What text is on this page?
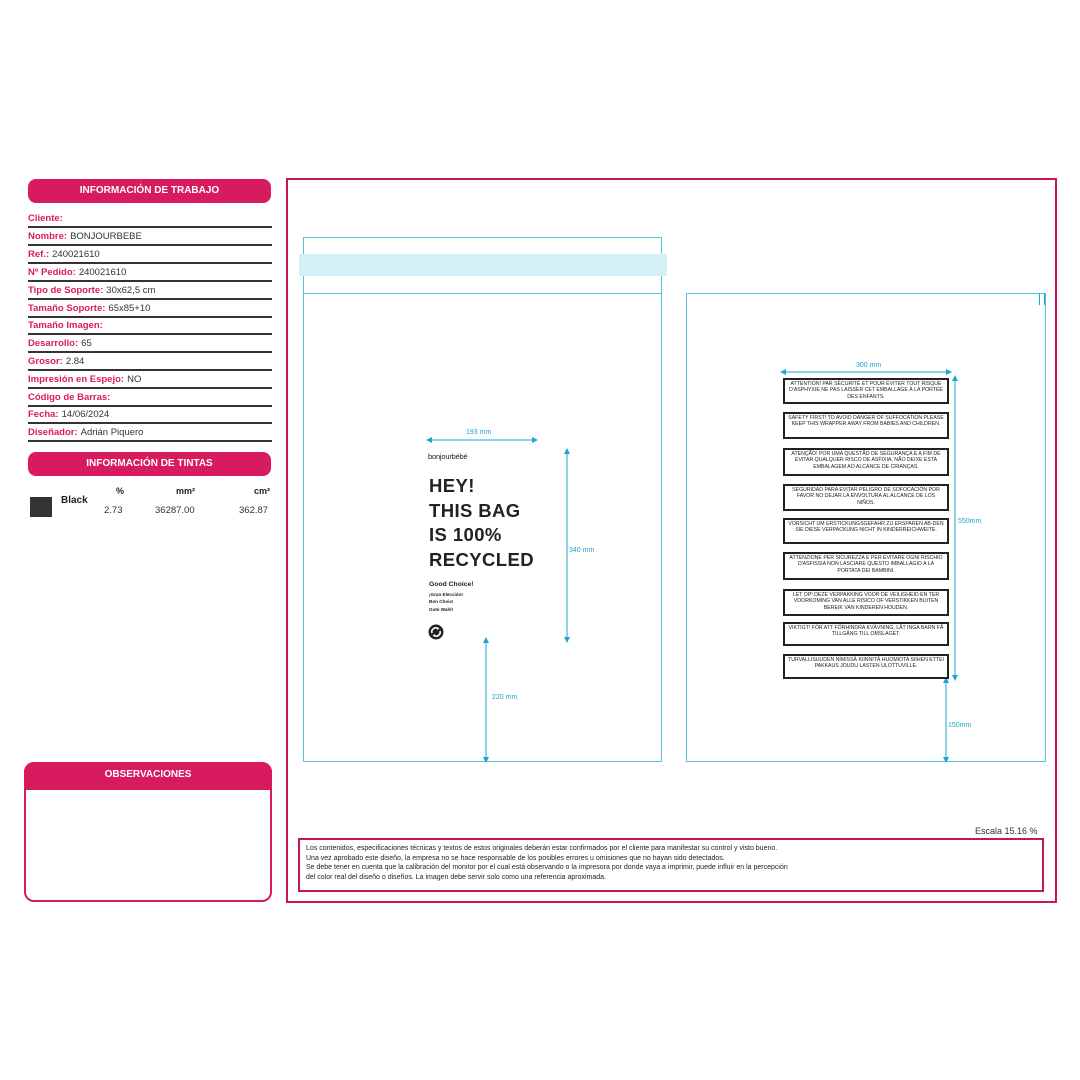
INFORMACIÓN DE TRABAJO
Cliente:
Nombre: BONJOURBEBE
Ref.: 240021610
Nº Pedido: 240021610
Tipo de Soporte: 30x62,5 cm
Tamaño Soporte: 65x85+10
Tamaño Imagen:
Desarrollo: 65
Grosor: 2.84
Impresión en Espejo: NO
Código de Barras:
Fecha: 14/06/2024
Diseñador: Adrián Piquero
INFORMACIÓN DE TINTAS
%	mm²	cm²
Black
2.73	36287.00	362.87
OBSERVACIONES
193 mm
340 mm
220 mm
300 mm
550mm
150mm
bonjourbébé
HEY!
THIS BAG
IS 100%
RECYCLED
Good Choice!
¡Gran Elección!
Bon Choix!
Gute Wahl!
ATTENTION! PAR SÉCURITÉ ET POUR ÉVITER TOUT RISQUE D'ASPHYXIE NE PAS LAISSER CET EMBALLAGE À LA PORTÉE DES ENFANTS.
SAFETY FIRST! TO AVOID DANGER OF SUFFOCATION PLEASE KEEP THIS WRAPPER AWAY FROM BABIES AND CHILDREN.
ATENÇÃO! POR UMA QUESTÃO DE SEGURANÇA E A FIM DE EVITAR QUALQUER RISCO DE ASFIXIA, NÃO DEIXE ESTA EMBALAGEM AO ALCANCE DE CRIANÇAS.
SEGURIDAD PARA EVITAR PELIGRO DE SOFOCACIÓN POR FAVOR NO DEJAR LA ENVOLTURA AL ALCANCE DE LOS NIÑOS.
VORSICHT UM ERSTICKUNGSGEFAHR ZU ERSPAREN AB-DEN SIE DIESE VERPACKUNG NICHT IN KINDERREICHWEITE.
ATTENZIONE PER SICUREZZA E PER EVITARE OGNI RISCHIO D'ASFISSIA NON LASCIARE QUESTO IMBALLAGIO A LA PORTATA DEI BAMBINI.
LET OP! DEZE VERPAKKING VOOR DE VEILIGHEID EN TER VOORKOMING VAN ALLE RISICO OF VERSTIKKEN BUITEN BEREIK VAN KINDEREN HOUDEN.
VIKTIGT! FÖR ATT FÖRHINDRA KVÄVNING, LÅT INGA BARN FÅ TILLGÅNG TILL OMSLAGET.
TURVALLISUUDEN NIMISSÄ KIINNITÄ HUOMIOTA SIIHEN ETTEI PAKKAUS JOUDU LASTEN ULOTTUVILLE.
Escala 15.16 %
Los contenidos, especificaciones técnicas y textos de estos originales deberán estar confirmados por el cliente para manifestar su control y visto bueno.
Una vez aprobado este diseño, la empresa no se hace responsable de los posibles errores u omisiones que no hayan sido detectados.
Se debe tener en cuenta que la calibración del monitor por el cual está observando o la impresora por donde vaya a imprimir, puede influir en la percepción
del color real del diseño o diseños. La imagen debe servir solo como una referencia aproximada.
